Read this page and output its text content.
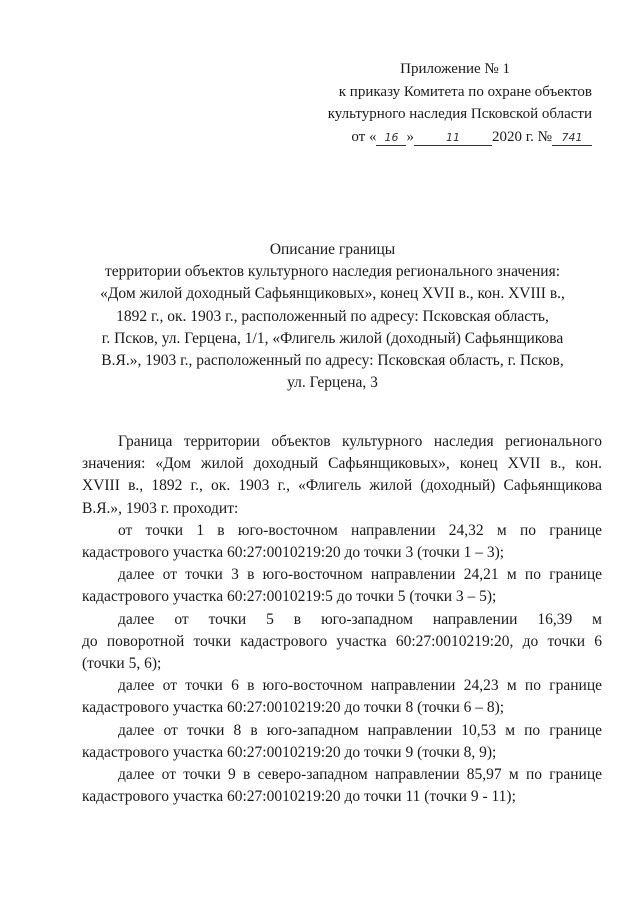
Приложение № 1
к приказу Комитета по охране объектов
культурного наследия Псковской области
от « 16 »	11 2020 г. № 741
Описание границы
территории объектов культурного наследия регионального значения:
«Дом жилой доходный Сафьянщиковых», конец XVII в., кон. XVIII в.,
1892 г., ок. 1903 г., расположенный по адресу: Псковская область,
г. Псков, ул. Герцена, 1/1, «Флигель жилой (доходный) Сафьянщикова
В.Я.», 1903 г., расположенный по адресу: Псковская область, г. Псков,
ул. Герцена, 3

Граница территории объектов культурного наследия регионального
значения: «Дом жилой доходный Сафьянщиковых», конец XVII в., кон.
XVIII в., 1892 г., ок. 1903 г., «Флигель жилой (доходный) Сафьянщикова
В.Я.», 1903 г. проходит:

от точки 1 в юго-восточном направлении 24,32 м по границе
кадастрового участка 60:27:0010219:20 до точки 3 (точки 1 – 3);

далее от точки 3 в юго-восточном направлении 24,21 м по границе
кадастрового участка 60:27:0010219:5 до точки 5 (точки 3 – 5);

далее от точки 5 в юго-западном направлении 16,39 м
до поворотной точки кадастрового участка 60:27:0010219:20, до точки 6
(точки 5, 6);

далее от точки 6 в юго-восточном направлении 24,23 м по границе
кадастрового участка 60:27:0010219:20 до точки 8 (точки 6 – 8);

далее от точки 8 в юго-западном направлении 10,53 м по границе
кадастрового участка 60:27:0010219:20 до точки 9 (точки 8, 9);

далее от точки 9 в северо-западном направлении 85,97 м по границе
кадастрового участка 60:27:0010219:20 до точки 11 (точки 9 - 11);
